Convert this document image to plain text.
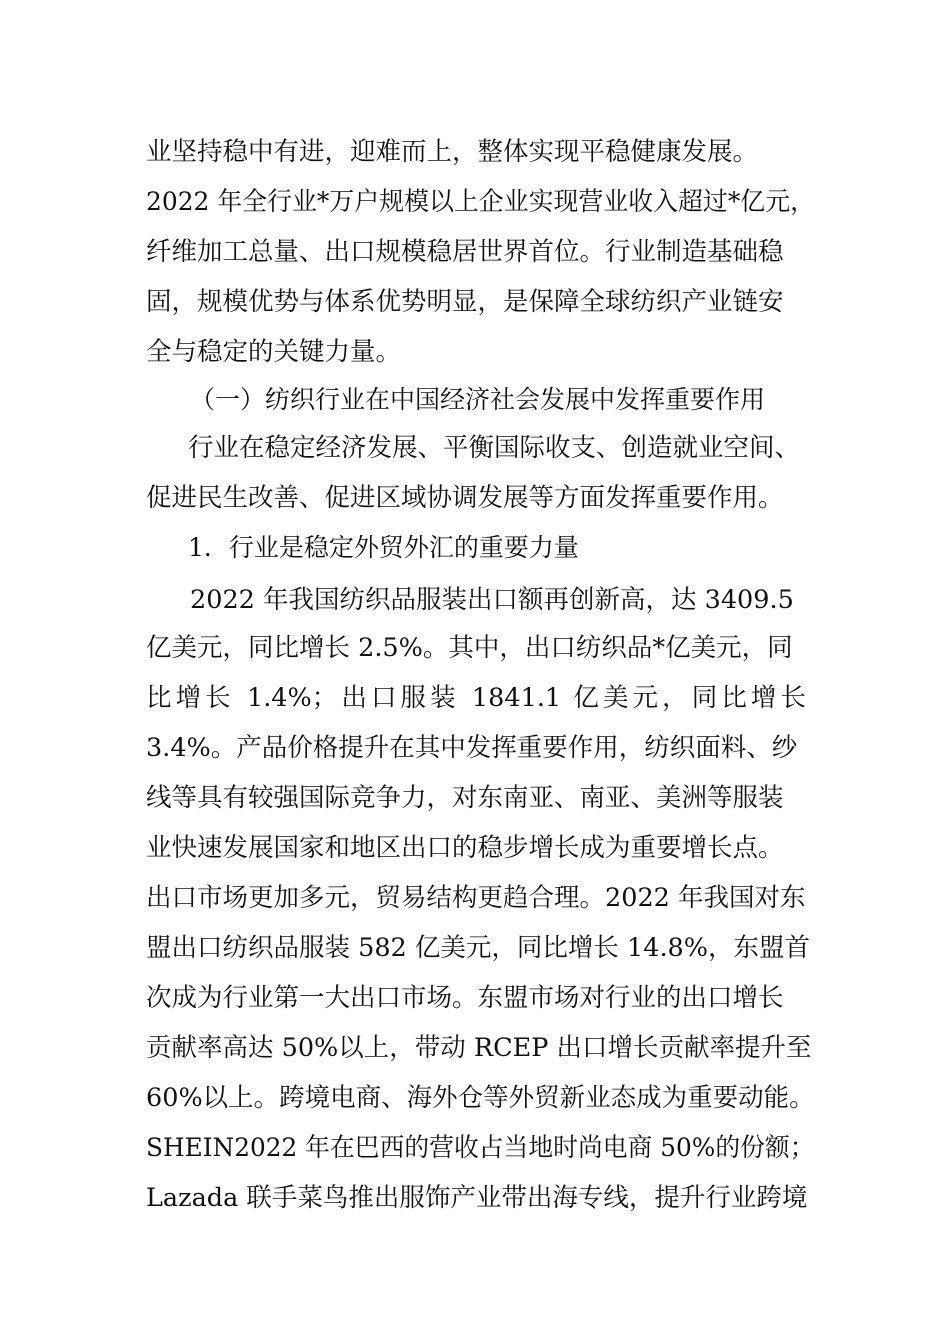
业坚持稳中有进，迎难而上，整体实现平稳健康发展。
2022 年全行业*万户规模以上企业实现营业收入超过*亿元，
纤维加工总量、出口规模稳居世界首位。行业制造基础稳
固，规模优势与体系优势明显，是保障全球纺织产业链安
全与稳定的关键力量。
（一）纺织行业在中国经济社会发展中发挥重要作用
行业在稳定经济发展、平衡国际收支、创造就业空间、
促进民生改善、促进区域协调发展等方面发挥重要作用。
1．行业是稳定外贸外汇的重要力量
2022 年我国纺织品服装出口额再创新高，达 3409.5
亿美元，同比增长 2.5%。其中，出口纺织品*亿美元，同
比增长 1.4%；出口服装 1841.1 亿美元，同比增长
3.4%。产品价格提升在其中发挥重要作用，纺织面料、纱
线等具有较强国际竞争力，对东南亚、南亚、美洲等服装
业快速发展国家和地区出口的稳步增长成为重要增长点。
出口市场更加多元，贸易结构更趋合理。2022 年我国对东
盟出口纺织品服装 582 亿美元，同比增长 14.8%，东盟首
次成为行业第一大出口市场。东盟市场对行业的出口增长
贡献率高达 50%以上，带动 RCEP 出口增长贡献率提升至
60%以上。跨境电商、海外仓等外贸新业态成为重要动能。
SHEIN2022 年在巴西的营收占当地时尚电商 50%的份额；
Lazada 联手菜鸟推出服饰产业带出海专线，提升行业跨境
